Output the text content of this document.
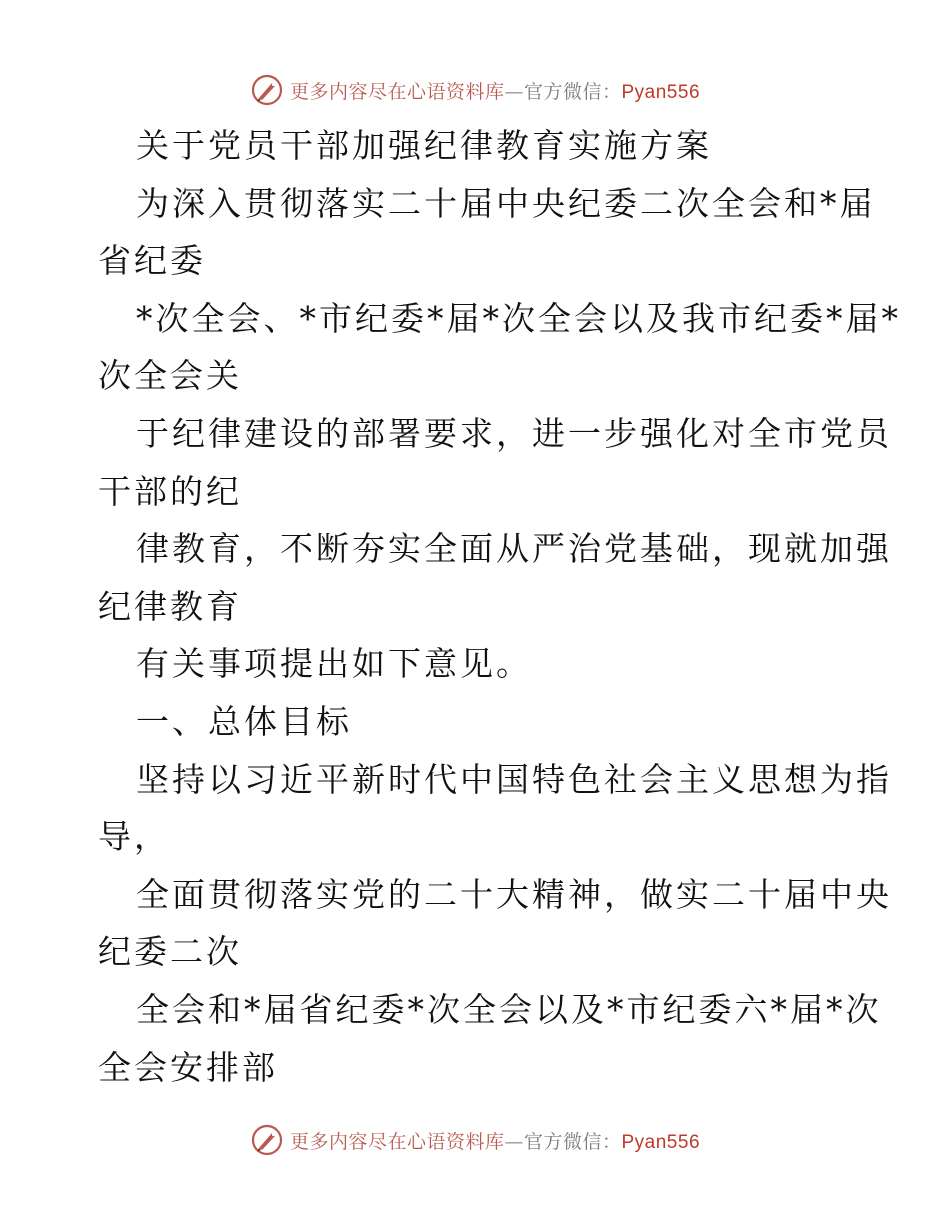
更多内容尽在心语资料库—官方微信：Pyan556
关于党员干部加强纪律教育实施方案
为深入贯彻落实二十届中央纪委二次全会和*届
省纪委
*次全会、*市纪委*届*次全会以及我市纪委*届*
次全会关
于纪律建设的部署要求，进一步强化对全市党员
干部的纪
律教育，不断夯实全面从严治党基础，现就加强
纪律教育
有关事项提出如下意见。
一、总体目标
坚持以习近平新时代中国特色社会主义思想为指
导，
全面贯彻落实党的二十大精神，做实二十届中央
纪委二次
全会和*届省纪委*次全会以及*市纪委六*届*次
全会安排部
更多内容尽在心语资料库—官方微信：Pyan556
